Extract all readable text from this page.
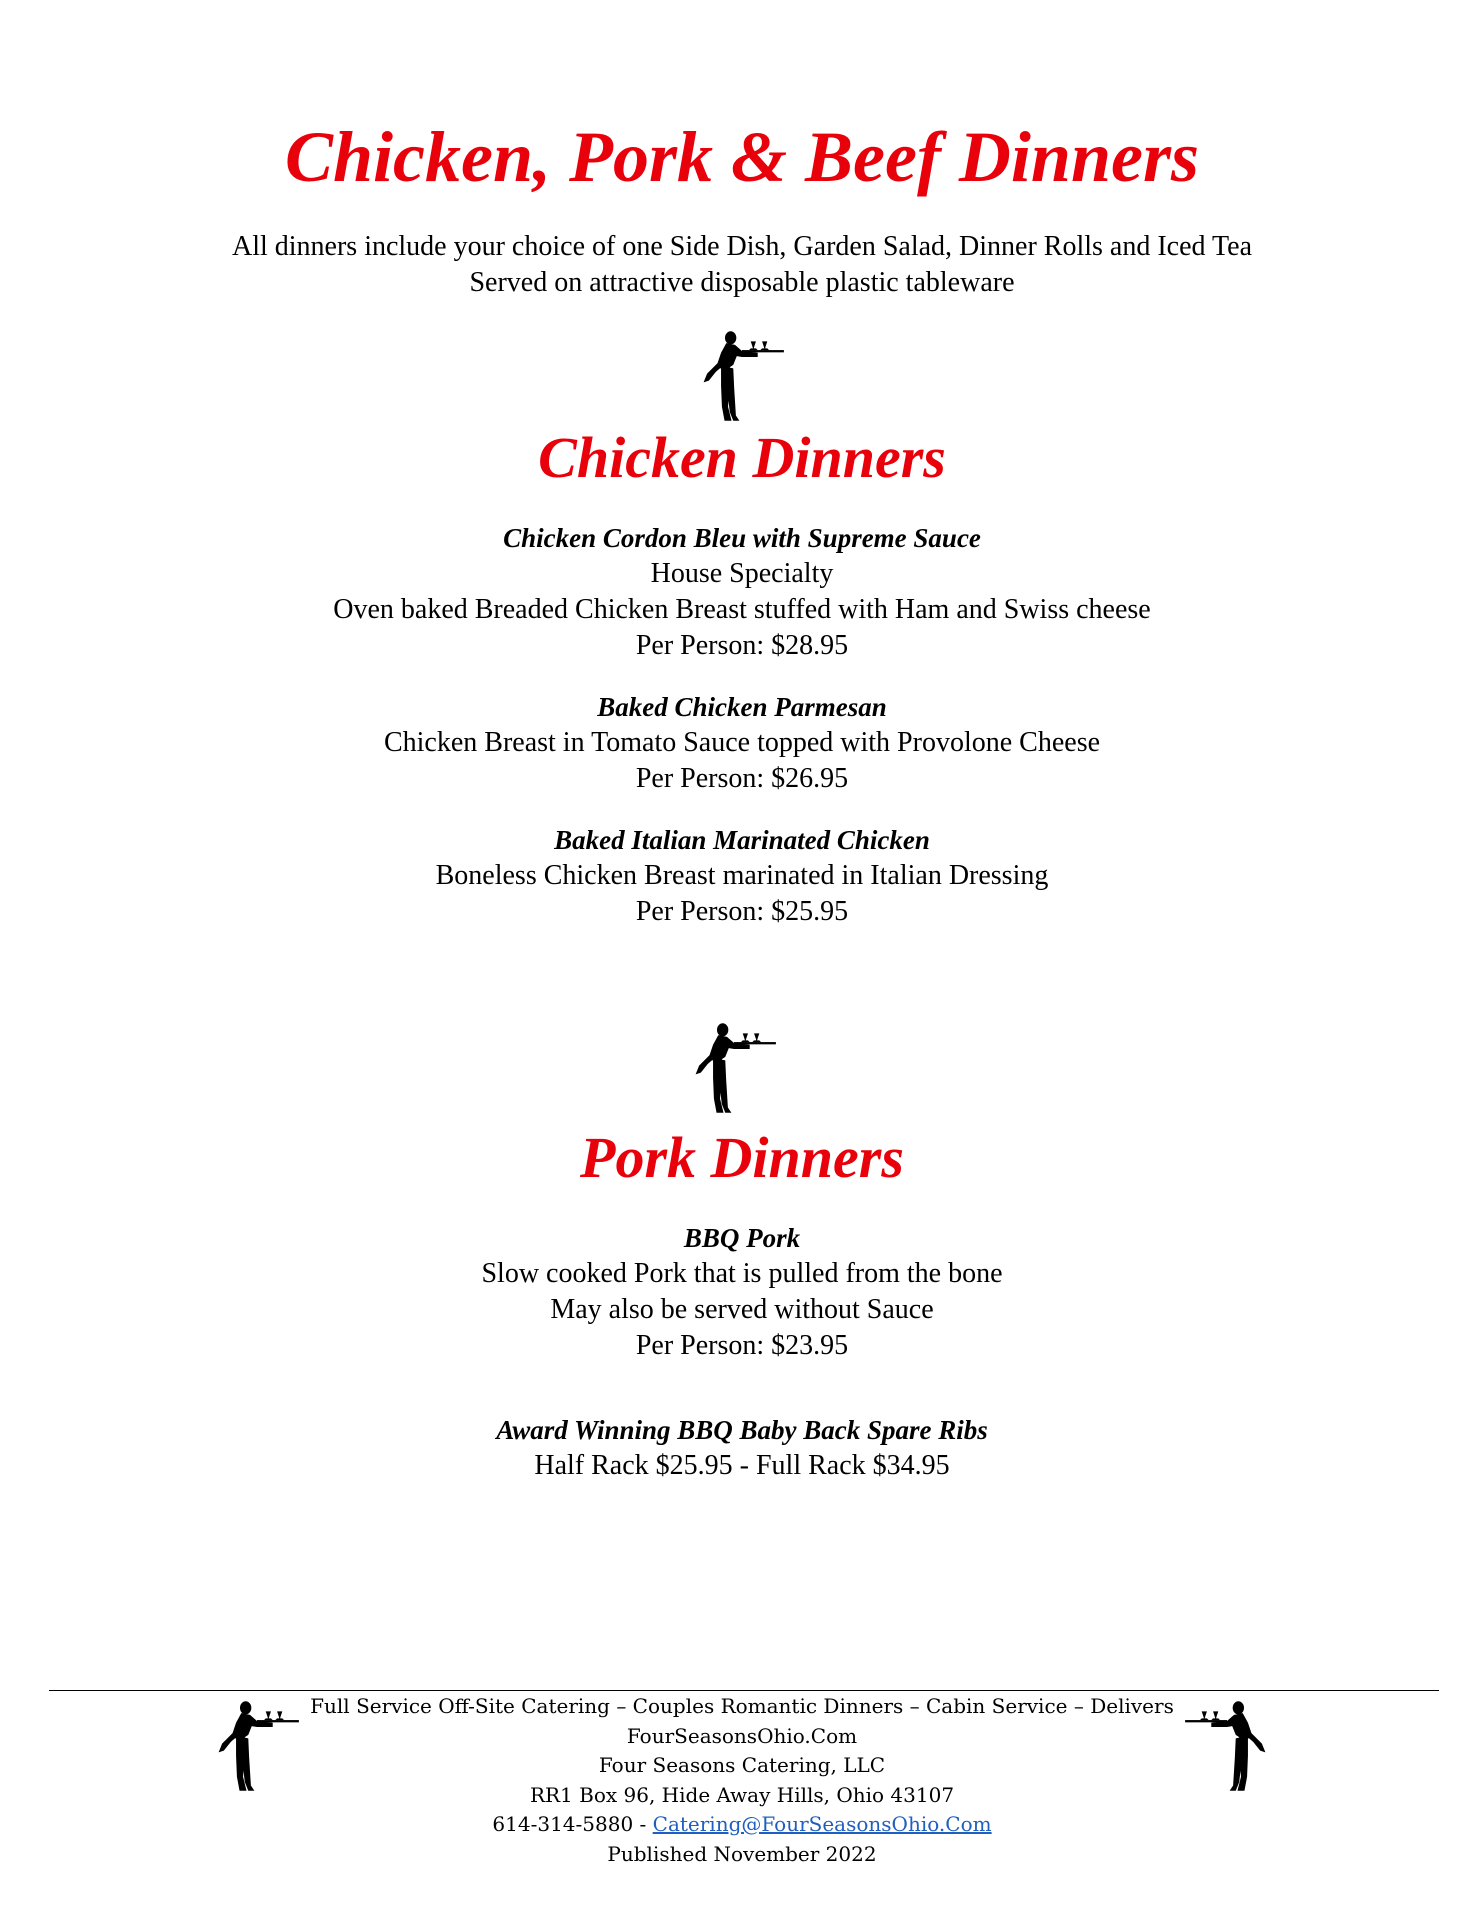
Chicken, Pork & Beef Dinners
All dinners include your choice of one Side Dish, Garden Salad, Dinner Rolls and Iced Tea
Served on attractive disposable plastic tableware
Chicken Dinners
Chicken Cordon Bleu with Supreme Sauce
House Specialty
Oven baked Breaded Chicken Breast stuffed with Ham and Swiss cheese
Per Person: $28.95
Baked Chicken Parmesan
Chicken Breast in Tomato Sauce topped with Provolone Cheese
Per Person: $26.95
Baked Italian Marinated Chicken
Boneless Chicken Breast marinated in Italian Dressing
Per Person: $25.95
Pork Dinners
BBQ Pork
Slow cooked Pork that is pulled from the bone
May also be served without Sauce
Per Person: $23.95
Award Winning BBQ Baby Back Spare Ribs
Half Rack $25.95 - Full Rack $34.95
Full Service Off-Site Catering – Couples Romantic Dinners – Cabin Service – Delivers
FourSeasonsOhio.Com
Four Seasons Catering, LLC
RR1 Box 96, Hide Away Hills, Ohio 43107
614-314-5880 - Catering@FourSeasonsOhio.Com
Published November 2022
